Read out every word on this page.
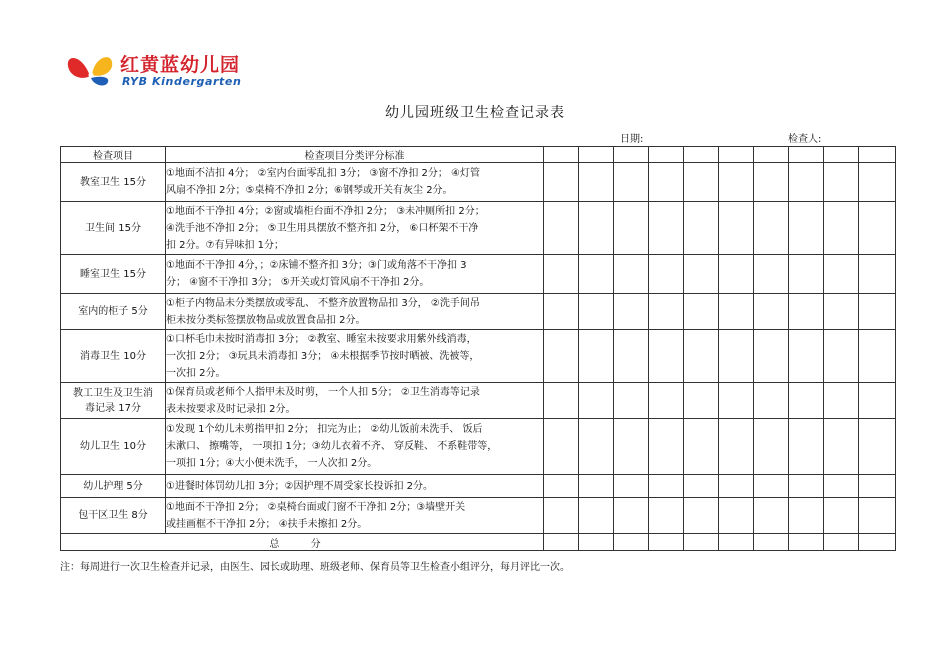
红黄蓝幼儿园
RYB Kindergarten
幼儿园班级卫生检查记录表
日期:	检查人:
检查项目	检查项目分类评分标准										

教室卫生 15分	①地面不洁扣 4分； ②室内台面零乱扣 3分； ③窗不净扣 2分； ④灯管
风扇不净扣 2分；⑤桌椅不净扣 2分；⑥钢琴或开关有灰尘 2分。										

卫生间 15分	①地面不干净扣 4分；②窗或墙柜台面不净扣 2分； ③未冲厕所扣 2分；
④洗手池不净扣 2分； ⑤卫生用具摆放不整齐扣 2分， ⑥口杯架不干净
扣 2分。⑦有异味扣 1分；										

睡室卫生 15分	①地面不干净扣 4分，；②床铺不整齐扣 3分；③门或角落不干净扣 3
分； ④窗不干净扣 3分； ⑤开关或灯管风扇不干净扣 2分。										

室内的柜子 5分	①柜子内物品未分类摆放或零乱、 不整齐放置物品扣 3分， ②洗手间吊
柜未按分类标签摆放物品或放置食品扣 2分。										

消毒卫生 10分	①口杯毛巾未按时消毒扣 3分； ②教室、睡室未按要求用紫外线消毒，
一次扣 2分； ③玩具未消毒扣 3分； ④未根据季节按时晒被、洗被等，
一次扣 2分。										

教工卫生及卫生消
毒记录 17分	①保育员或老师个人指甲未及时剪， 一个人扣 5分； ②卫生消毒等记录
表未按要求及时记录扣 2分。										

幼儿卫生 10分	①发现 1个幼儿未剪指甲扣 2分； 扣完为止； ②幼儿饭前未洗手、 饭后
未漱口、 擦嘴等， 一项扣 1分；③幼儿衣着不齐、 穿反鞋、 不系鞋带等，
一项扣 1分；④大小便未洗手， 一人次扣 2分。										

幼儿护理 5分	①进餐时体罚幼儿扣 3分；②因护理不周受家长投诉扣 2分。										

包干区卫生 8分	①地面不干净扣 2分； ②桌椅台面或门窗不干净扣 2分；③墙壁开关
或挂画框不干净扣 2分； ④扶手未擦扣 2分。										

总 分											
注：每周进行一次卫生检查并记录，由医生、园长或助理、班级老师、保育员等卫生检查小组评分，每月评比一次。
